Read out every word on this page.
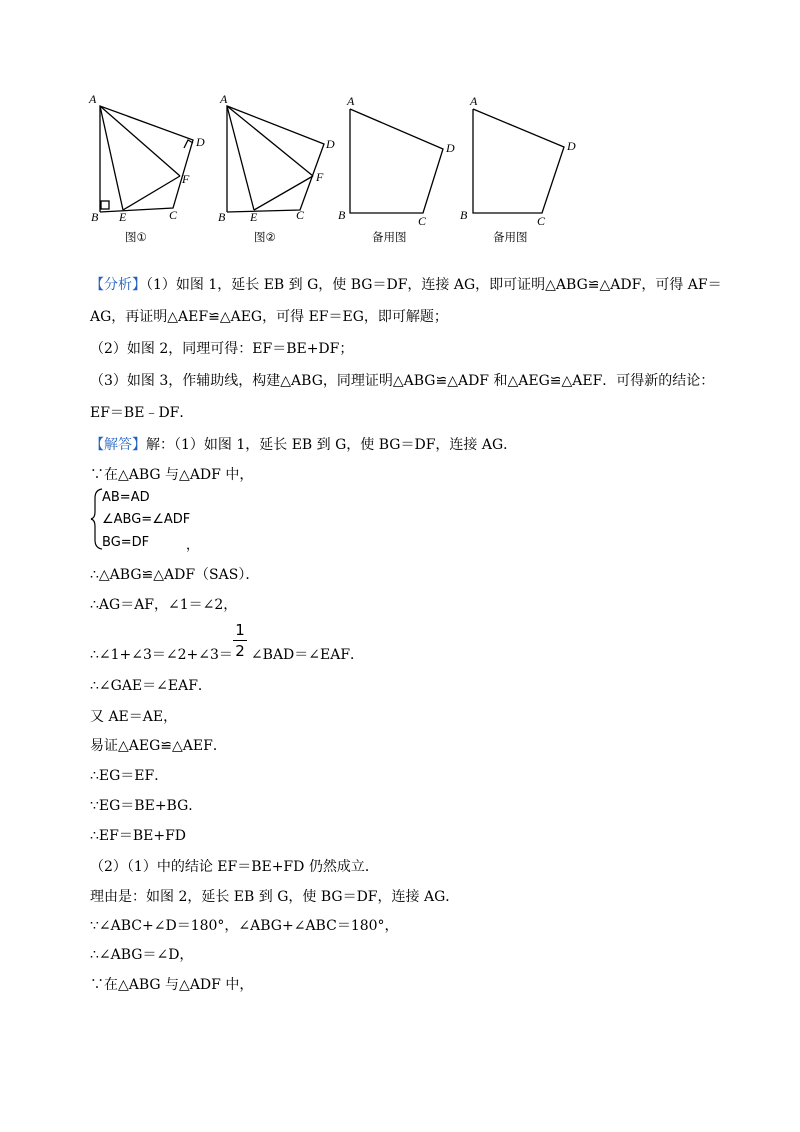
A
B E	C
D
F
图①
A
B E	C
D
F
图②
A
B	C
D
备用图
A
B	C
D
备用图
【分析】（1）如图 1，延长 EB 到 G，使 BG＝DF，连接 AG，即可证明△ABG≌△ADF，可得 AF＝
AG，再证明△AEF≌△AEG，可得 EF＝EG，即可解题；
（2）如图 2，同理可得：EF＝BE+DF；
（3）如图 3，作辅助线，构建△ABG，同理证明△ABG≌△ADF 和△AEG≌△AEF．可得新的结论：
EF＝BE﹣DF．
【解答】解：（1）如图 1，延长 EB 到 G，使 BG＝DF，连接 AG．
∵在△ABG 与△ADF 中，
AB=AD
∠ABG=∠ADF
BG=DF	，
∴△ABG≌△ADF（SAS）．
∴AG＝AF，∠1＝∠2，
∴∠1+∠3＝∠2+∠3＝ ∠BAD＝∠EAF．
1
2
∴∠GAE＝∠EAF．
又 AE＝AE，
易证△AEG≌△AEF．
∴EG＝EF．
∵EG＝BE+BG．
∴EF＝BE+FD
（2）（1）中的结论 EF＝BE+FD 仍然成立．
理由是：如图 2，延长 EB 到 G，使 BG＝DF，连接 AG．
∵∠ABC+∠D＝180°，∠ABG+∠ABC＝180°，
∴∠ABG＝∠D，
∵在△ABG 与△ADF 中，
